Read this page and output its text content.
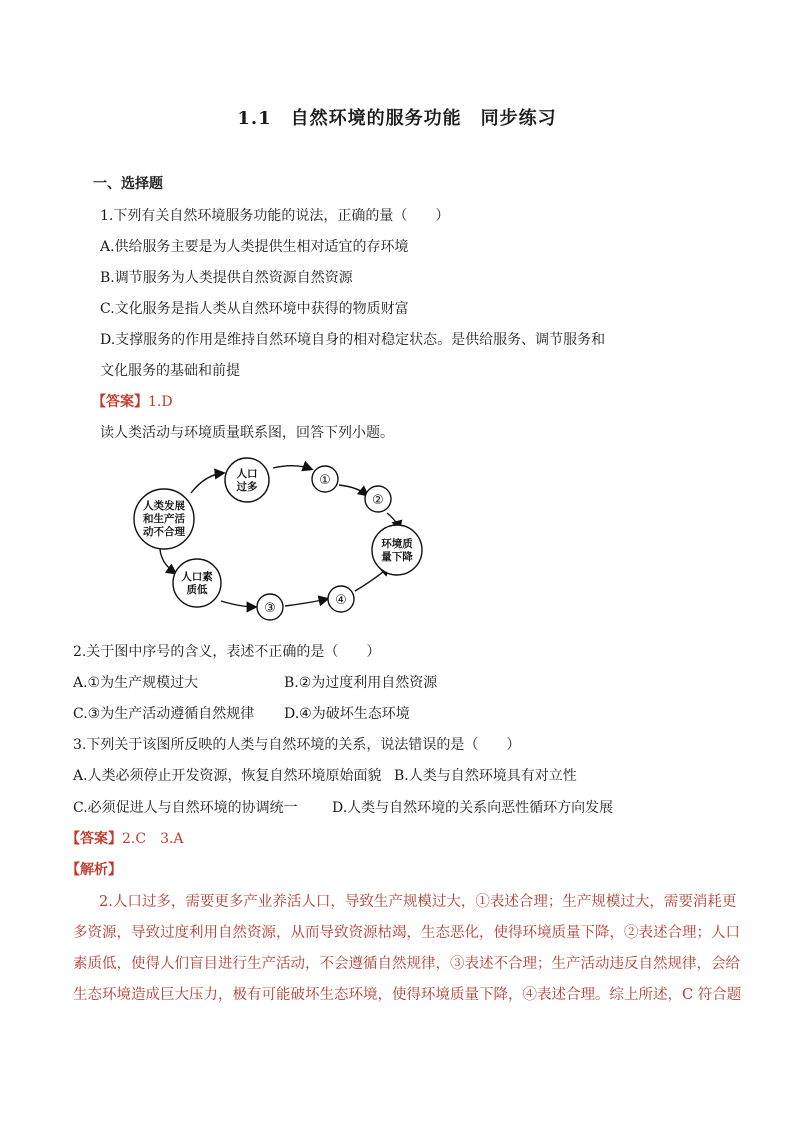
1.1　自然环境的服务功能　同步练习
一、选择题
1.下列有关自然环境服务功能的说法，正确的量（　　）
A.供给服务主要是为人类提供生相对适宜的存环境
B.调节服务为人类提供自然资源自然资源
C.文化服务是指人类从自然环境中获得的物质财富
D.支撑服务的作用是维持自然环境自身的相对稳定状态。是供给服务、调节服务和
文化服务的基础和前提
【答案】1.D
读人类活动与环境质量联系图，回答下列小题。
人类发展
和生产活
动不合理
人口
过多
人口素
质低
环境质
量下降
①
②
③
④
2.关于图中序号的含义，表述不正确的是（　　）
A.①为生产规模过大	B.②为过度利用自然资源
C.③为生产活动遵循自然规律 D.④为破坏生态环境
3.下列关于该图所反映的人类与自然环境的关系，说法错误的是（　　）
A.人类必须停止开发资源，恢复自然环境原始面貌 B.人类与自然环境具有对立性
C.必须促进人与自然环境的协调统一 D.人类与自然环境的关系向恶性循环方向发展
【答案】2.C　3.A
【解析】
2.人口过多，需要更多产业养活人口，导致生产规模过大，①表述合理；生产规模过大，需要消耗更
多资源，导致过度利用自然资源，从而导致资源枯竭，生态恶化，使得环境质量下降，②表述合理；人口
素质低，使得人们盲目进行生产活动，不会遵循自然规律，③表述不合理；生产活动违反自然规律，会给
生态环境造成巨大压力，极有可能破坏生态环境，使得环境质量下降，④表述合理。综上所述，C 符合题
